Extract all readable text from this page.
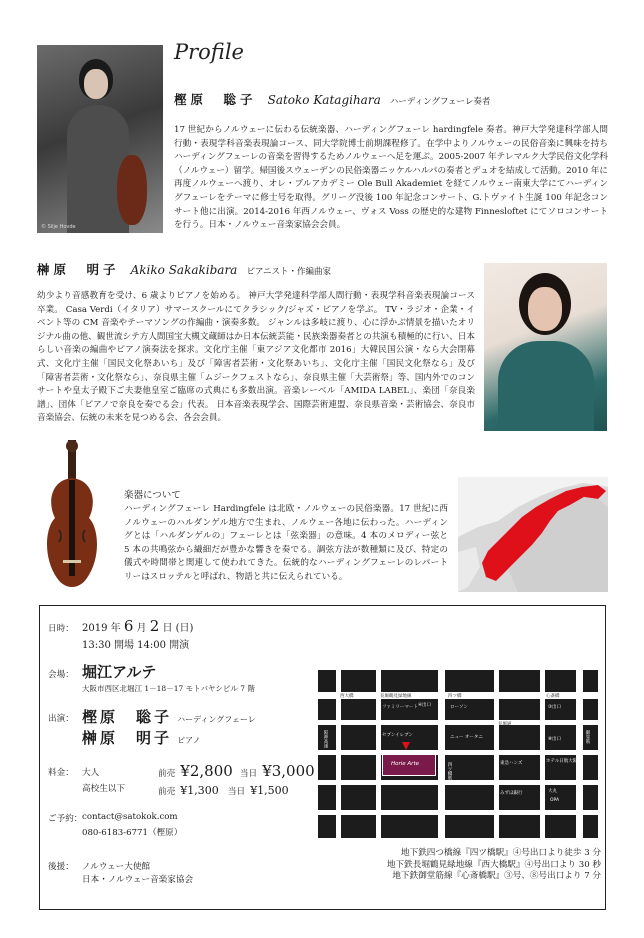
© Silje Hovde
Profile
樫原　聡子 Satoko Katagihara ハーディングフェーレ奏者
17 世紀からノルウェーに伝わる伝統楽器、ハーディングフェーレ hardingfele 奏者。神戸大学発達科学部人間行動・表現学科音楽表現論コース、同大学院博士前期課程修了。在学中よりノルウェーの民俗音楽に興味を持ちハーディングフェーレの音楽を習得するためノルウェーへ足を運ぶ。2005-2007 年テレマルク大学民俗文化学科（ノルウェー）留学。帰国後スウェーデンの民俗楽器ニッケルハルパの奏者とデュオを結成して活動。2010 年に再度ノルウェーへ渡り、オレ・ブルアカデミー Ole Bull Akademiet を経てノルウェー南東大学にてハーディングフェーレをテーマに修士号を取得。グリーグ没後 100 年記念コンサート、G.トヴァイト生誕 100 年記念コンサート他に出演。2014-2016 年西ノルウェー、ヴォス Voss の歴史的な建物 Finnesloftet にてソロコンサートを行う。日本・ノルウェー音楽家協会会員。
榊原　明子 Akiko Sakakibara ピアニスト・作編曲家
幼少より音感教育を受け、6 歳よりピアノを始める。 神戸大学発達科学部人間行動・表現学科音楽表現論コース卒業。 Casa Verdi（イタリア）サマースクールにてクラシック/ジャズ・ピアノを学ぶ。 TV・ラジオ・企業・イベント等の CM 音楽やテーマソングの作編曲・演奏多数。 ジャンルは多岐に渡り、心に浮かぶ情景を描いたオリジナル曲の他、観世流シテ方人間国宝大槻文蔵師はか日本伝統芸能・民族楽器奏者との共演も積極的に行い、日本らしい音楽の編曲やピアノ演奏法を探求。文化庁主催「東アジア文化都市 2016」大韓民国公演・なら大会閉幕式、文化庁主催「国民文化祭あいち」及び「障害者芸術・文化祭あいち」、文化庁主催「国民文化祭なら」及び「障害者芸術・文化祭なら」、奈良県主催「ムジークフェストなら」、奈良県主催「大芸術祭」等、国内外でのコンサートや皇太子殿下ご夫妻他皇室ご臨席の式典にも多数出演。音楽レーベル「AMIDA LABEL」、楽団「奈良楽譜」、団体「ピアノで奈良を奏でる会」代表。 日本音楽表現学会、国際芸術連盟、奈良県音楽・芸術協会、奈良市音楽協会、伝統の未来を見つめる会、各会会員。
楽器について
ハーディングフェーレ Hardingfele は北欧・ノルウェーの民俗楽器。17 世紀に西ノルウェーのハルダンゲル地方で生まれ、ノルウェー各地に伝わった。ハーディングとは「ハルダンゲルの」フェーレとは「弦楽器」の意味。4 本のメロディー弦と 5 本の共鳴弦から繊細だが豊かな響きを奏でる。調弦方法が数種類に及び、特定の儀式や時間帯と関連して使われてきた。伝統的なハーディングフェーレのレパートリーはスロッテルと呼ばれ、物語と共に伝えられている。
日時： 2019 年 6 月 2 日 (日)
13:30 開場 14:00 開演
会場： 堀江アルテ
大阪市西区北堀江 1－18－17 モトバヤシビル 7 階
出演： 樫原　聡子 ハーディングフェーレ
榊原　明子 ピアノ
料金： 大人	前売 ¥2,800 当日 ¥3,000
高校生以下	前売 ¥1,300 当日 ¥1,500
ご予約： contact@satokok.com
080-6183-6771（樫原）
後援： ノルウェー大使館
日本・ノルウェー音楽家協会
西大橋	長堀鶴見緑地線	四ツ橋	心斎橋
長堀通
御堂筋
四ツ橋筋
阪神高速
ファミリーマート	ローソン
セブンイレブン	ニュー オータニ
東急ハンズ	ホテル日航大阪
大丸
OPA
みずほ銀行
④出口	③出口
⑧出口
Horie Arte
地下鉄四つ橋線『四ツ橋駅』④号出口より徒歩 3 分
地下鉄長堀鶴見緑地線『西大橋駅』④号出口より 30 秒
地下鉄御堂筋線『心斎橋駅』③号、⑧号出口より 7 分
